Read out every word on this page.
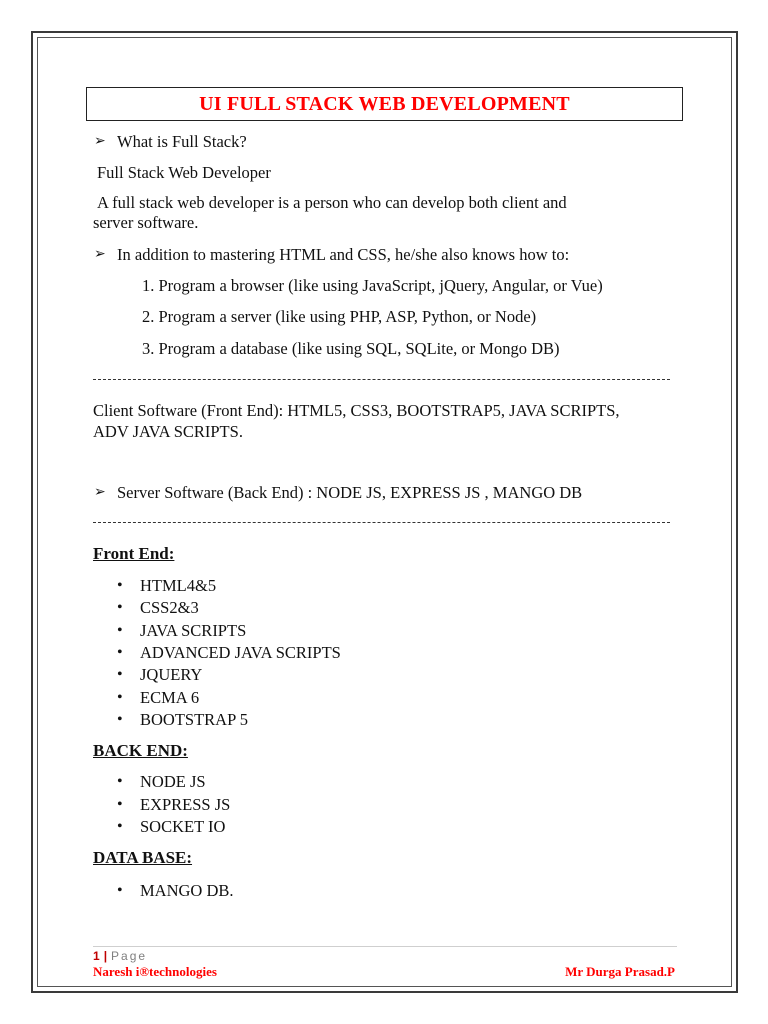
UI FULL STACK WEB DEVELOPMENT
➢ What is Full Stack?
Full Stack Web Developer
A full stack web developer is a person who can develop both client and
server software.
➢ In addition to mastering HTML and CSS, he/she also knows how to:
1. Program a browser (like using JavaScript, jQuery, Angular, or Vue)
2. Program a server (like using PHP, ASP, Python, or Node)
3. Program a database (like using SQL, SQLite, or Mongo DB)
Client Software (Front End): HTML5, CSS3, BOOTSTRAP5, JAVA SCRIPTS,
ADV JAVA SCRIPTS.
➢ Server Software (Back End) : NODE JS, EXPRESS JS , MANGO DB
Front End:
• HTML4&5
• CSS2&3
• JAVA SCRIPTS
• ADVANCED JAVA SCRIPTS
• JQUERY
• ECMA 6
• BOOTSTRAP 5
BACK END:
• NODE JS
• EXPRESS JS
• SOCKET IO
DATA BASE:
• MANGO DB.
1 | Page
Naresh i®technologies	Mr Durga Prasad.P
